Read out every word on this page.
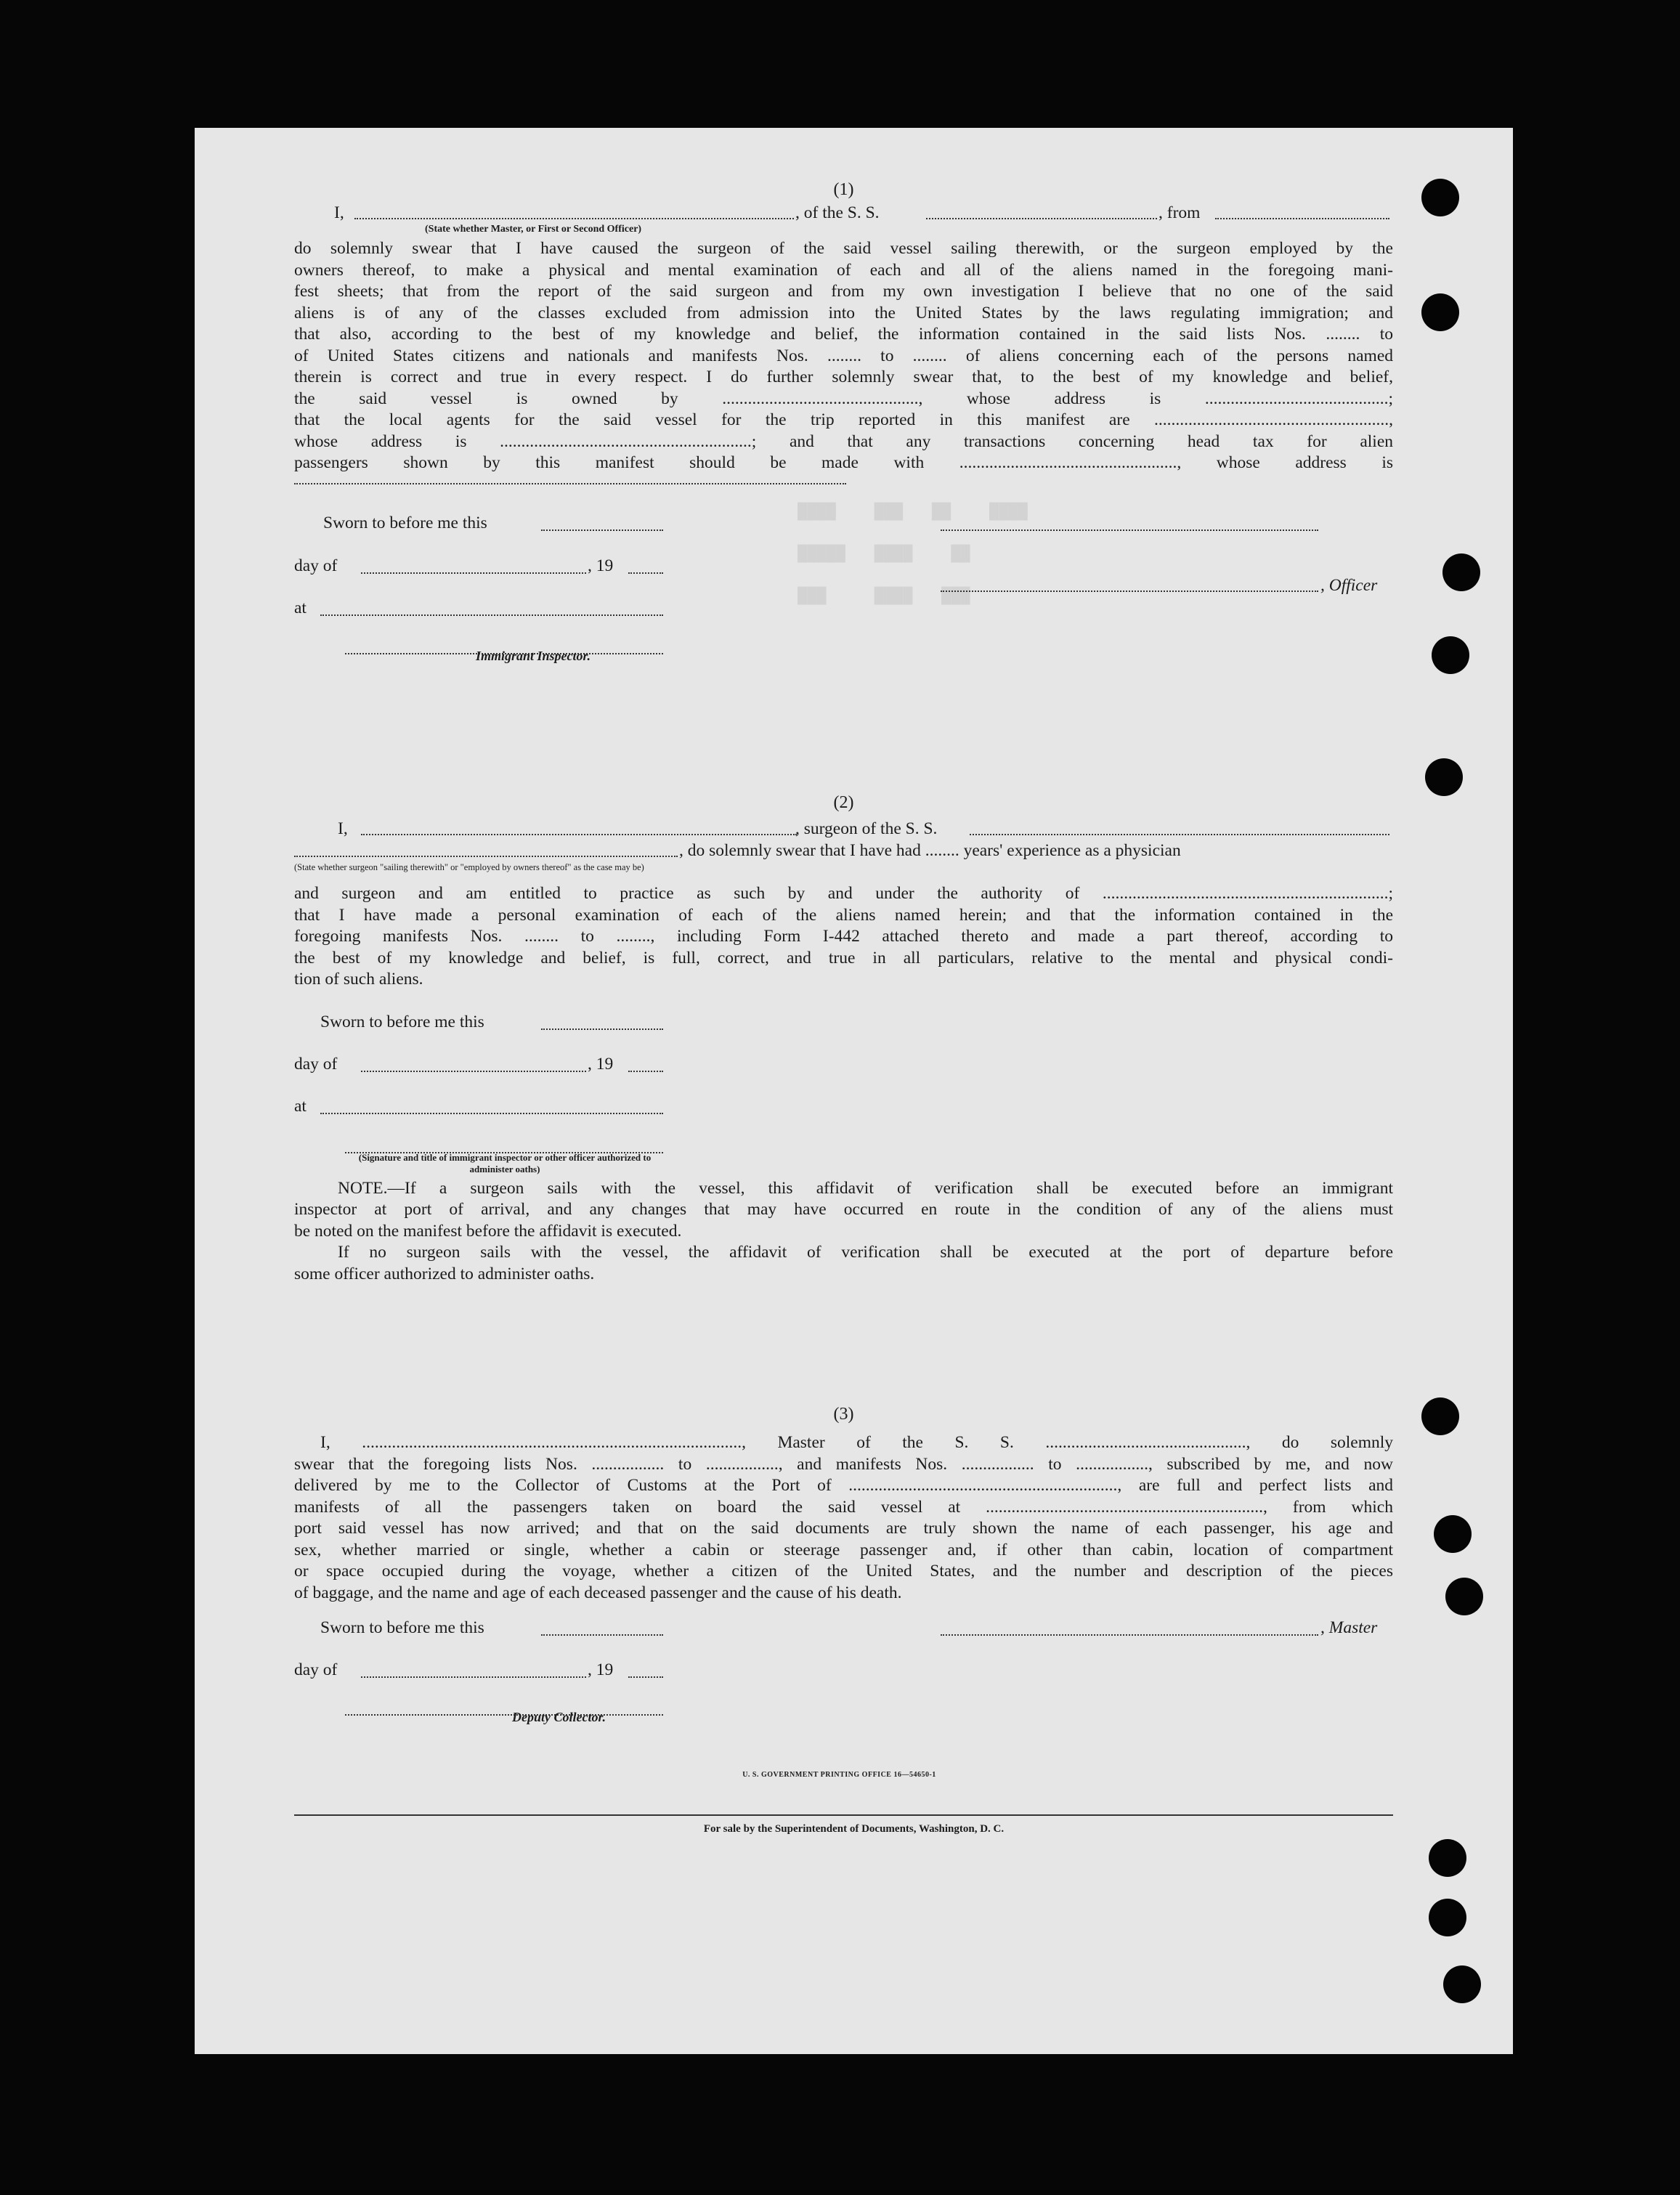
████    ███   ██    ████
█████   ████    ██
███     ████   ███

(1)

I,	, of the S. S.	, from
(State whether Master, or First or Second Officer)
do solemnly swear that I have caused the surgeon of the said vessel sailing therewith, or the surgeon employed by the
owners thereof, to make a physical and mental examination of each and all of the aliens named in the foregoing mani-
fest sheets; that from the report of the said surgeon and from my own investigation I believe that no one of the said
aliens is of any of the classes excluded from admission into the United States by the laws regulating immigration; and
that also, according to the best of my knowledge and belief, the information contained in the said lists Nos. ........ to
of United States citizens and nationals and manifests Nos. ........ to ........ of aliens concerning each of the persons named
therein is correct and true in every respect. I do further solemnly swear that, to the best of my knowledge and belief,
the said vessel is owned by .............................................., whose address is ...........................................;
that the local agents for the said vessel for the trip reported in this manifest are .......................................................,
whose address is ...........................................................; and that any transactions concerning head tax for alien
passengers shown by this manifest should be made with ..................................................., whose address is
Sworn to before me this
day of	, 19
at
Immigrant Inspector.
, Officer

(2)

I,	, surgeon of the S. S.
, do solemnly swear that I have had ........ years' experience as a physician
(State whether surgeon "sailing therewith" or "employed by owners thereof" as the case may be)
and surgeon and am entitled to practice as such by and under the authority of ...................................................................;
that I have made a personal examination of each of the aliens named herein; and that the information contained in the
foregoing manifests Nos. ........ to ........, including Form I-442 attached thereto and made a part thereof, according to
the best of my knowledge and belief, is full, correct, and true in all particulars, relative to the mental and physical condi-
tion of such aliens.
Sworn to before me this
day of	, 19
at
(Signature and title of immigrant inspector or other officer authorized to administer oaths)
NOTE.—If a surgeon sails with the vessel, this affidavit of verification shall be executed before an immigrant
inspector at port of arrival, and any changes that may have occurred en route in the condition of any of the aliens must
be noted on the manifest before the affidavit is executed.
If no surgeon sails with the vessel, the affidavit of verification shall be executed at the port of departure before
some officer authorized to administer oaths.

(3)

I, ........................................................................................., Master of the S. S. ..............................................., do solemnly
swear that the foregoing lists Nos. ................. to ................., and manifests Nos. ................. to ................., subscribed by me, and now
delivered by me to the Collector of Customs at the Port of ..............................................................., are full and perfect lists and
manifests of all the passengers taken on board the said vessel at ................................................................., from which
port said vessel has now arrived; and that on the said documents are truly shown the name of each passenger, his age and
sex, whether married or single, whether a cabin or steerage passenger and, if other than cabin, location of compartment
or space occupied during the voyage, whether a citizen of the United States, and the number and description of the pieces
of baggage, and the name and age of each deceased passenger and the cause of his death.
Sworn to before me this	, Master
day of	, 19
Deputy Collector.
U. S. GOVERNMENT PRINTING OFFICE 16—54650-1
For sale by the Superintendent of Documents, Washington, D. C.
